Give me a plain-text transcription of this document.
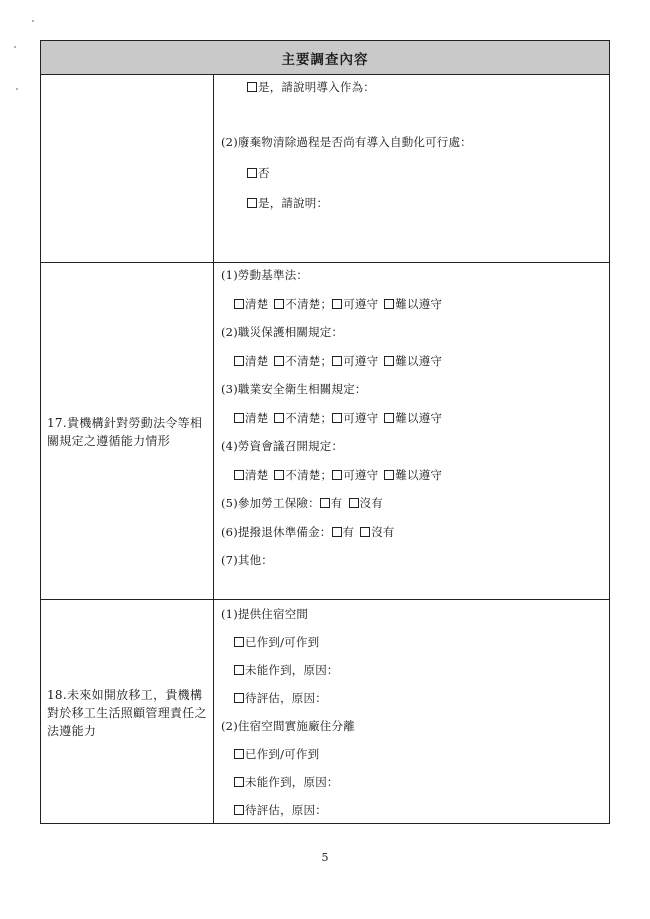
主要調查內容
是，請說明導入作為：
(2)廢棄物清除過程是否尚有導入自動化可行處：
否
是，請說明：
17.貴機構針對勞動法令等相關規定之遵循能力情形
(1)勞動基準法：
清楚 不清楚； 可遵守 難以遵守
(2)職災保護相關規定：
清楚 不清楚； 可遵守 難以遵守
(3)職業安全衛生相關規定：
清楚 不清楚； 可遵守 難以遵守
(4)勞資會議召開規定：
清楚 不清楚； 可遵守 難以遵守
(5)參加勞工保險： 有 沒有
(6)提撥退休準備金： 有 沒有
(7)其他：
18.未來如開放移工，貴機構對於移工生活照顧管理責任之法遵能力
(1)提供住宿空間
已作到/可作到
未能作到，原因：
待評估，原因：
(2)住宿空間實施廠住分離
已作到/可作到
未能作到，原因：
待評估，原因：
5
